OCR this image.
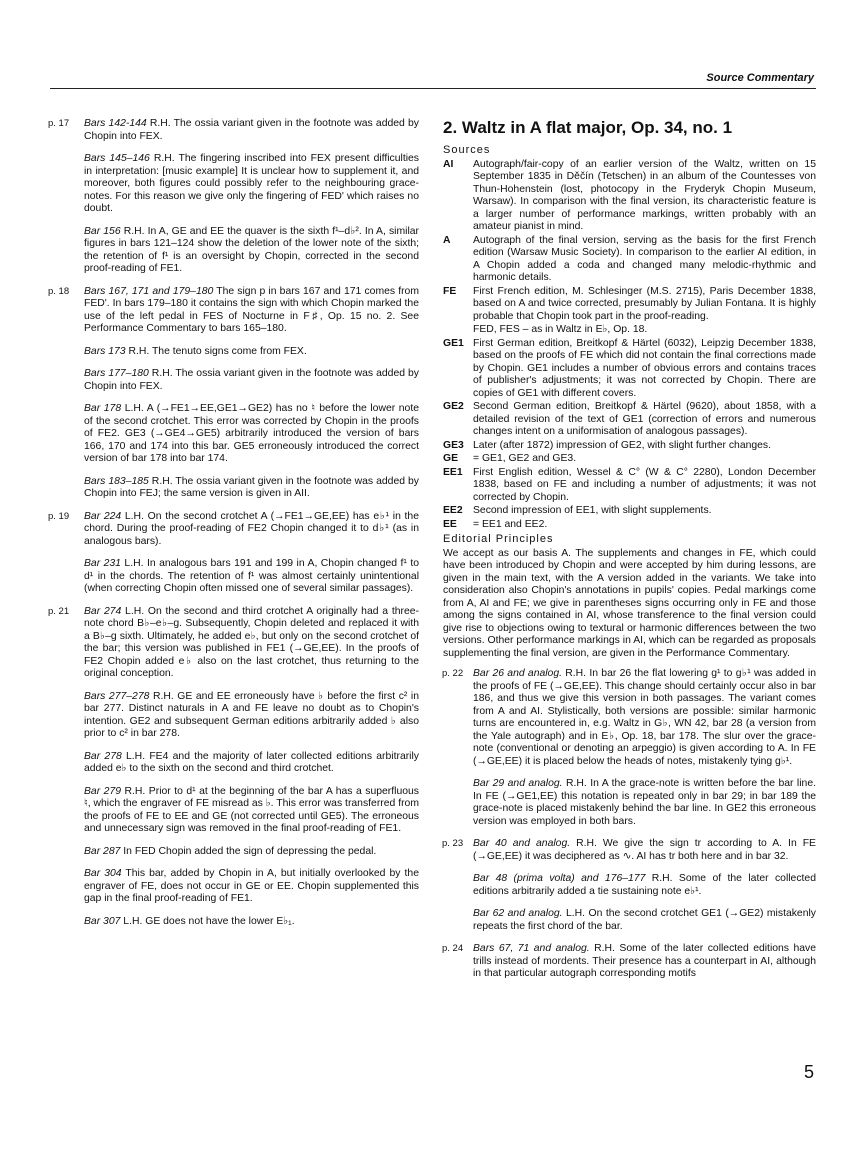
Source Commentary
p. 17 Bars 142-144 R.H. The ossia variant given in the footnote was added by Chopin into FEX.
Bars 145–146 R.H. The fingering inscribed into FEX present difficulties in interpretation: [music example] It is unclear how to supplement it, and moreover, both figures could possibly refer to the neighbouring grace-notes. For this reason we give only the fingering of FED' which raises no doubt.
Bar 156 R.H. In A, GE and EE the quaver is the sixth f¹–d♭². In A, similar figures in bars 121–124 show the deletion of the lower note of the sixth; the retention of f¹ is an oversight by Chopin, corrected in the second proof-reading of FE1.
p. 18 Bars 167, 171 and 179–180 The sign p in bars 167 and 171 comes from FED'. In bars 179–180 it contains the sign with which Chopin marked the use of the left pedal in FES of Nocturne in F♯, Op. 15 no. 2. See Performance Commentary to bars 165–180.
Bars 173 R.H. The tenuto signs come from FEX.
Bars 177–180 R.H. The ossia variant given in the footnote was added by Chopin into FEX.
Bar 178 L.H. A (→FE1→EE,GE1→GE2) has no ♮ before the lower note of the second crotchet. This error was corrected by Chopin in the proofs of FE2. GE3 (→GE4→GE5) arbitrarily introduced the version of bars 166, 170 and 174 into this bar. GE5 erroneously introduced the correct version of bar 178 into bar 174.
Bars 183–185 R.H. The ossia variant given in the footnote was added by Chopin into FEJ; the same version is given in AII.
p. 19 Bar 224 L.H. On the second crotchet A (→FE1→GE,EE) has e♭¹ in the chord. During the proof-reading of FE2 Chopin changed it to d♭¹ (as in analogous bars).
Bar 231 L.H. In analogous bars 191 and 199 in A, Chopin changed f¹ to d¹ in the chords. The retention of f¹ was almost certainly unintentional (when correcting Chopin often missed one of several similar passages).
p. 21 Bar 274 L.H. On the second and third crotchet A originally had a three-note chord B♭–e♭–g. Subsequently, Chopin deleted and replaced it with a B♭–g sixth. Ultimately, he added e♭, but only on the second crotchet of the bar; this version was published in FE1 (→GE,EE). In the proofs of FE2 Chopin added e♭ also on the last crotchet, thus returning to the original conception.
Bars 277–278 R.H. GE and EE erroneously have ♭ before the first c² in bar 277. Distinct naturals in A and FE leave no doubt as to Chopin's intention. GE2 and subsequent German editions arbitrarily added ♭ also prior to c² in bar 278.
Bar 278 L.H. FE4 and the majority of later collected editions arbitrarily added e♭ to the sixth on the second and third crotchet.
Bar 279 R.H. Prior to d¹ at the beginning of the bar A has a superfluous ♮, which the engraver of FE misread as ♭. This error was transferred from the proofs of FE to EE and GE (not corrected until GE5). The erroneous and unnecessary sign was removed in the final proof-reading of FE1.
Bar 287 In FED Chopin added the sign of depressing the pedal.
Bar 304 This bar, added by Chopin in A, but initially overlooked by the engraver of FE, does not occur in GE or EE. Chopin supplemented this gap in the final proof-reading of FE1.
Bar 307 L.H. GE does not have the lower E♭₁.
2. Waltz in A flat major, Op. 34, no. 1
Sources
AI	Autograph/fair-copy of an earlier version of the Waltz, written on 15 September 1835 in Děčín (Tetschen) in an album of the Countesses von Thun-Hohenstein (lost, photocopy in the Fryderyk Chopin Museum, Warsaw). In comparison with the final version, its characteristic feature is a larger number of performance markings, written probably with an amateur pianist in mind.
A	Autograph of the final version, serving as the basis for the first French edition (Warsaw Music Society). In comparison to the earlier AI edition, in A Chopin added a coda and changed many melodic-rhythmic and harmonic details.
FE	First French edition, M. Schlesinger (M.S. 2715), Paris December 1838, based on A and twice corrected, presumably by Julian Fontana. It is highly probable that Chopin took part in the proof-reading.
FED, FES – as in Waltz in E♭, Op. 18.
GE1 First German edition, Breitkopf & Härtel (6032), Leipzig December 1838, based on the proofs of FE which did not contain the final corrections made by Chopin. GE1 includes a number of obvious errors and contains traces of publisher's adjustments; it was not corrected by Chopin. There are copies of GE1 with different covers.
GE2 Second German edition, Breitkopf & Härtel (9620), about 1858, with a detailed revision of the text of GE1 (correction of errors and numerous changes intent on a uniformisation of analogous passages).
GE3 Later (after 1872) impression of GE2, with slight further changes.
GE	= GE1, GE2 and GE3.
EE1 First English edition, Wessel & C° (W & C° 2280), London December 1838, based on FE and including a number of adjustments; it was not corrected by Chopin.
EE2 Second impression of EE1, with slight supplements.
EE	= EE1 and EE2.
Editorial Principles
We accept as our basis A. The supplements and changes in FE, which could have been introduced by Chopin and were accepted by him during lessons, are given in the main text, with the A version added in the variants. We take into consideration also Chopin's annotations in pupils' copies. Pedal markings come from A, AI and FE; we give in parentheses signs occurring only in FE and those among the signs contained in AI, whose transference to the final version could give rise to objections owing to textural or harmonic differences between the two versions. Other performance markings in AI, which can be regarded as proposals supplementing the final version, are given in the Performance Commentary.
p. 22 Bar 26 and analog. R.H. In bar 26 the flat lowering g¹ to g♭¹ was added in the proofs of FE (→GE,EE). This change should certainly occur also in bar 186, and thus we give this version in both passages. The variant comes from A and AI. Stylistically, both versions are possible: similar harmonic turns are encountered in, e.g. Waltz in G♭, WN 42, bar 28 (a version from the Yale autograph) and in E♭, Op. 18, bar 178. The slur over the grace-note (conventional or denoting an arpeggio) is given according to A. In FE (→GE,EE) it is placed below the heads of notes, mistakenly tying g♭¹.
Bar 29 and analog. R.H. In A the grace-note is written before the bar line. In FE (→GE1,EE) this notation is repeated only in bar 29; in bar 189 the grace-note is placed mistakenly behind the bar line. In GE2 this erroneous version was employed in both bars.
p. 23 Bar 40 and analog. R.H. We give the sign tr according to A. In FE (→GE,EE) it was deciphered as ∿. AI has tr both here and in bar 32.
Bar 48 (prima volta) and 176–177 R.H. Some of the later collected editions arbitrarily added a tie sustaining note e♭¹.
Bar 62 and analog. L.H. On the second crotchet GE1 (→GE2) mistakenly repeats the first chord of the bar.
p. 24 Bars 67, 71 and analog. R.H. Some of the later collected editions have trills instead of mordents. Their presence has a counterpart in AI, although in that particular autograph corresponding motifs
5
